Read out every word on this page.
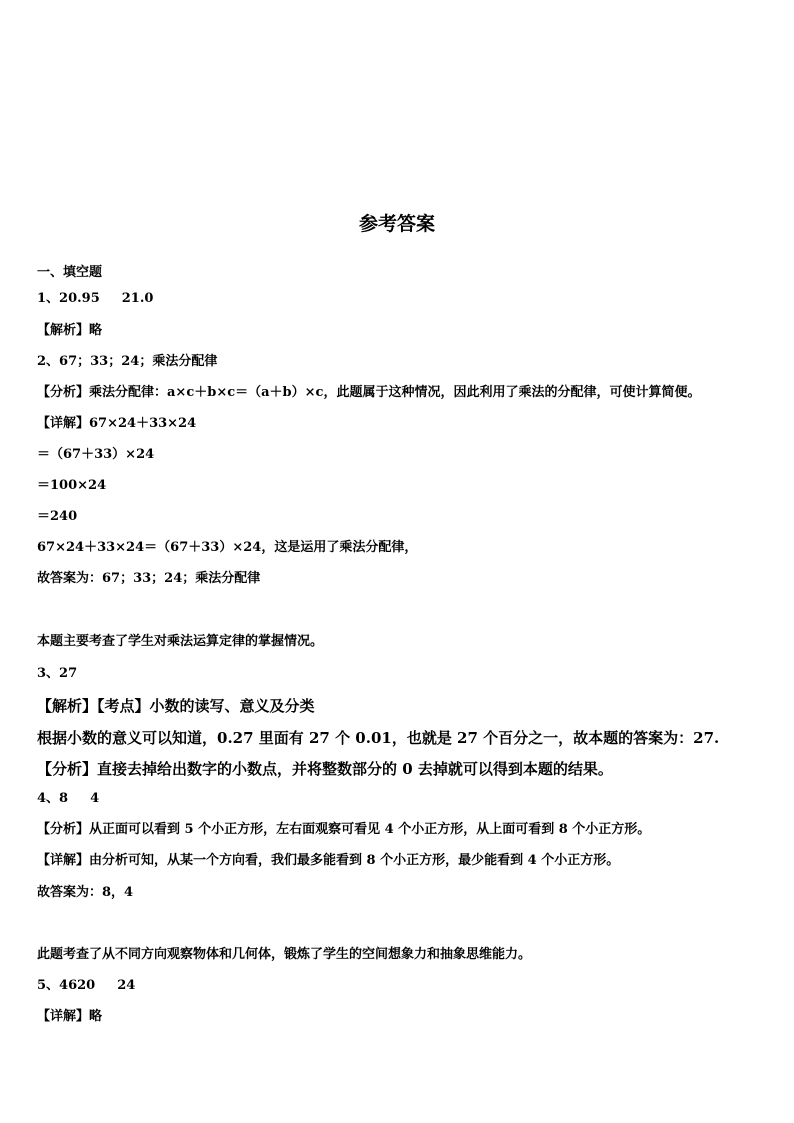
参考答案
一、填空题
1、20.95 21.0
【解析】略
2、67；33；24；乘法分配律
【分析】乘法分配律：a×c＋b×c＝（a＋b）×c，此题属于这种情况，因此利用了乘法的分配律，可使计算简便。
【详解】67×24＋33×24
＝（67＋33）×24
＝100×24
＝240
67×24＋33×24＝（67＋33）×24，这是运用了乘法分配律，
故答案为：67；33；24；乘法分配律
本题主要考查了学生对乘法运算定律的掌握情况。
3、27
【解析】【考点】小数的读写、意义及分类
根据小数的意义可以知道，0.27 里面有 27 个 0.01，也就是 27 个百分之一，故本题的答案为：27.
【分析】直接去掉给出数字的小数点，并将整数部分的 0 去掉就可以得到本题的结果。
4、8 4
【分析】从正面可以看到 5 个小正方形，左右面观察可看见 4 个小正方形，从上面可看到 8 个小正方形。
【详解】由分析可知，从某一个方向看，我们最多能看到 8 个小正方形，最少能看到 4 个小正方形。
故答案为：8，4
此题考查了从不同方向观察物体和几何体，锻炼了学生的空间想象力和抽象思维能力。
5、4620 24
【详解】略
